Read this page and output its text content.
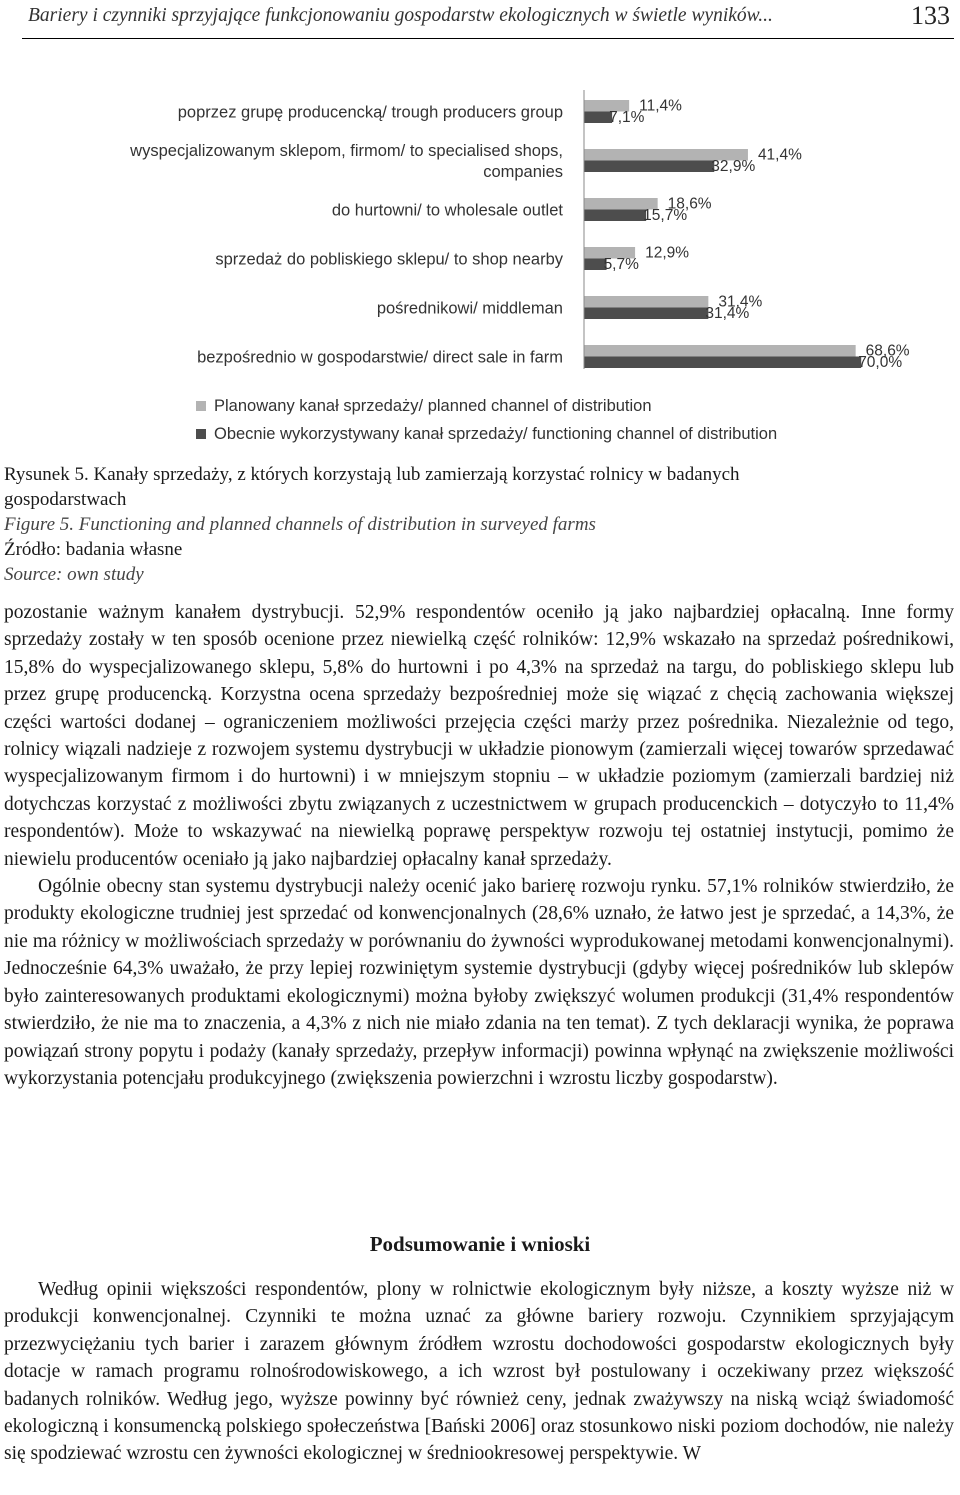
Bariery i czynniki sprzyjające funkcjonowaniu gospodarstw ekologicznych w świetle wyników...	133
poprzez grupę producencką/ trough producers group	11,4%
7,1%
wyspecjalizowanym sklepom, firmom/ to specialised shops, companies
41,4%
32,9%
do hurtowni/ to wholesale outlet	18,6%
15,7%
sprzedaż do pobliskiego sklepu/ to shop nearby	12,9%
5,7%
pośrednikowi/ middleman	31,4%
31,4%
bezpośrednio w gospodarstwie/ direct sale in farm	68,6%
70,0%
Planowany kanał sprzedaży/ planned channel of distribution
Obecnie wykorzystywany kanał sprzedaży/ functioning channel of distribution
Rysunek 5. Kanały sprzedaży, z których korzystają lub zamierzają korzystać rolnicy w badanych
gospodarstwach
Figure 5. Functioning and planned channels of distribution in surveyed farms
Źródło: badania własne
Source: own study

pozostanie ważnym kanałem dystrybucji. 52,9% respondentów oceniło ją jako najbardziej opłacalną. Inne formy sprzedaży zostały w ten sposób ocenione przez niewielką część rolników: 12,9% wskazało na sprzedaż pośrednikowi, 15,8% do wyspecjalizowanego sklepu, 5,8% do hurtowni i po 4,3% na sprzedaż na targu, do pobliskiego sklepu lub przez grupę producencką. Korzystna ocena sprzedaży bezpośredniej może się wiązać z chęcią zachowania większej części wartości dodanej – ograniczeniem możliwości przejęcia części marży przez pośrednika. Niezależnie od tego, rolnicy wiązali nadzieje z rozwojem systemu dystrybucji w układzie pionowym (zamierzali więcej towarów sprzedawać wyspecjalizowanym firmom i do hurtowni) i w mniejszym stopniu – w układzie poziomym (zamierzali bardziej niż dotychczas korzystać z możliwości zbytu związanych z uczestnictwem w grupach producenckich – dotyczyło to 11,4% respondentów). Może to wskazywać na niewielką poprawę perspektyw rozwoju tej ostatniej instytucji, pomimo że niewielu producentów oceniało ją jako najbardziej opłacalny kanał sprzedaży.

Ogólnie obecny stan systemu dystrybucji należy ocenić jako barierę rozwoju rynku. 57,1% rolników stwierdziło, że produkty ekologiczne trudniej jest sprzedać od konwencjonalnych (28,6% uznało, że łatwo jest je sprzedać, a 14,3%, że nie ma różnicy w możliwościach sprzedaży w porównaniu do żywności wyprodukowanej metodami konwencjonalnymi). Jednocześnie 64,3% uważało, że przy lepiej rozwiniętym systemie dystrybucji (gdyby więcej pośredników lub sklepów było zainteresowanych produktami ekologicznymi) można byłoby zwiększyć wolumen produkcji (31,4% respondentów stwierdziło, że nie ma to znaczenia, a 4,3% z nich nie miało zdania na ten temat). Z tych deklaracji wynika, że poprawa powiązań strony popytu i podaży (kanały sprzedaży, przepływ informacji) powinna wpłynąć na zwiększenie możliwości wykorzystania potencjału produkcyjnego (zwiększenia powierzchni i wzrostu liczby gospodarstw).

Podsumowanie i wnioski

Według opinii większości respondentów, plony w rolnictwie ekologicznym były niższe, a koszty wyższe niż w produkcji konwencjonalnej. Czynniki te można uznać za główne bariery rozwoju. Czynnikiem sprzyjającym przezwyciężaniu tych barier i zarazem głównym źródłem wzrostu dochodowości gospodarstw ekologicznych były dotacje w ramach programu rolnośrodowiskowego, a ich wzrost był postulowany i oczekiwany przez większość badanych rolników. Według jego, wyższe powinny być również ceny, jednak zważywszy na niską wciąż świadomość ekologiczną i konsumencką polskiego społeczeństwa [Bański 2006] oraz stosunkowo niski poziom dochodów, nie należy się spodziewać wzrostu cen żywności ekologicznej w średniookresowej perspektywie. W
